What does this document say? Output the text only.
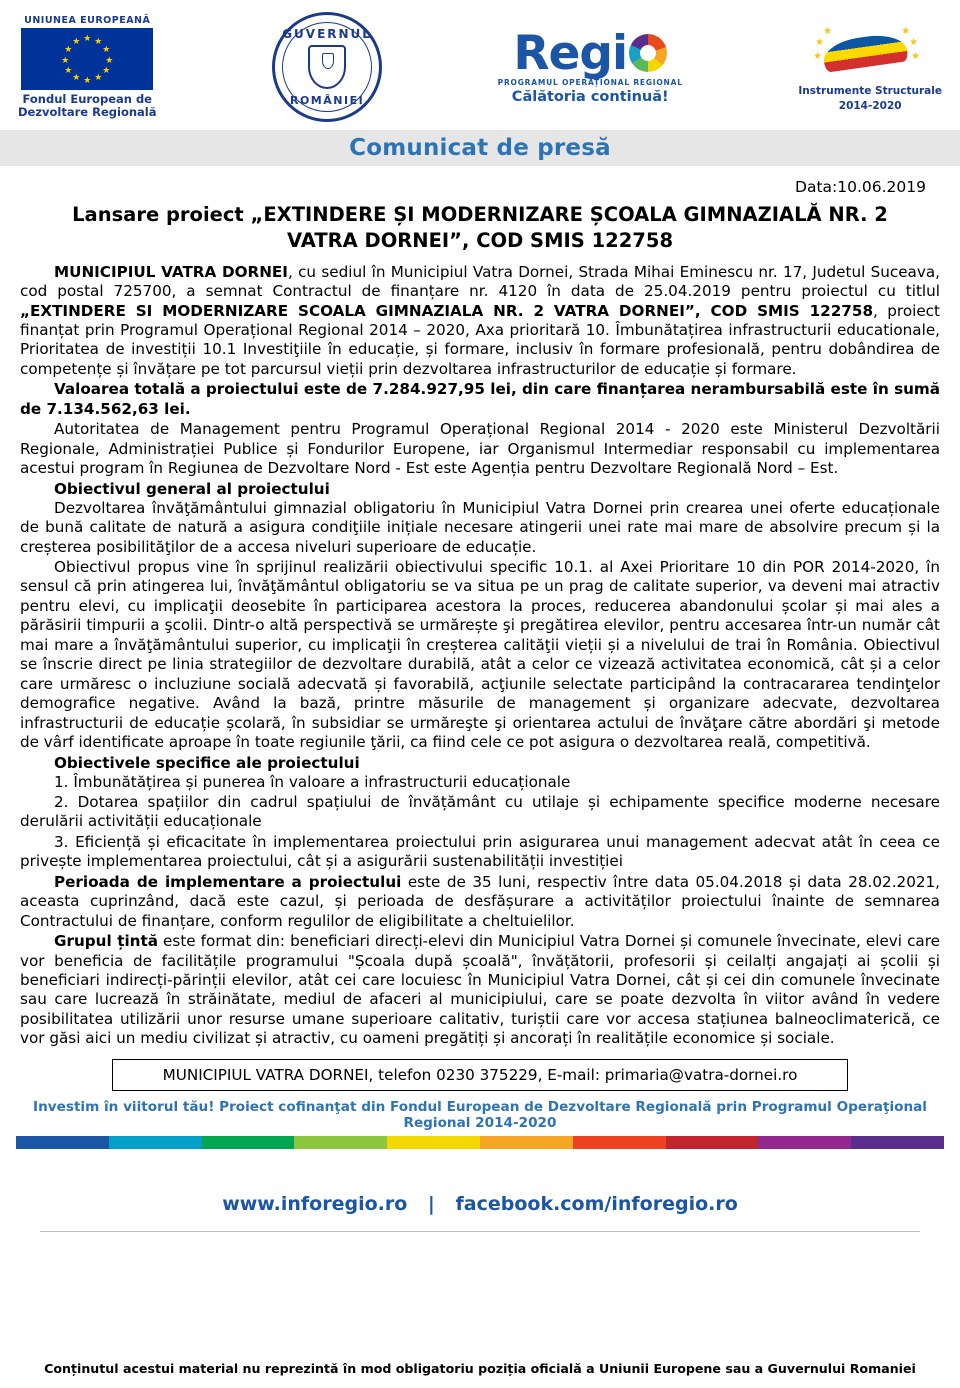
UNIUNEA EUROPEANĂ
★ ★
★
★
★
★
★
★
★
★
★
★
Fondul European de
Dezvoltare Regională
GUVERNUL
ROMÂNIEI
Regi
PROGRAMUL OPERAȚIONAL REGIONAL
Călătoria continuă!
★
★
★
★
★
★
Instrumente Structurale
2014-2020
Comunicat de presă
Data:10.06.2019
Lansare proiect „EXTINDERE ȘI MODERNIZARE ȘCOALA GIMNAZIALĂ NR. 2
VATRA DORNEI”, COD SMIS 122758

MUNICIPIUL VATRA DORNEI, cu sediul în Municipiul Vatra Dornei, Strada Mihai Eminescu nr. 17, Judetul Suceava, cod postal 725700, a semnat Contractul de finanțare nr. 4120 în data de 25.04.2019 pentru proiectul cu titlul „EXTINDERE SI MODERNIZARE SCOALA GIMNAZIALA NR. 2 VATRA DORNEI”, COD SMIS 122758, proiect finanțat prin Programul Operațional Regional 2014 – 2020, Axa prioritară 10. Îmbunătațirea infrastructurii educationale, Prioritatea de investiții 10.1 Investiţiile în educație, și formare, inclusiv în formare profesională, pentru dobândirea de competențe și învățare pe tot parcursul vieții prin dezvoltarea infrastructurilor de educație și formare.

Valoarea totală a proiectului este de 7.284.927,95 lei, din care finanțarea nerambursabilă este în sumă de 7.134.562,63 lei.

Autoritatea de Management pentru Programul Operațional Regional 2014 - 2020 este Ministerul Dezvoltării Regionale, Administrației Publice și Fondurilor Europene, iar Organismul Intermediar responsabil cu implementarea acestui program în Regiunea de Dezvoltare Nord - Est este Agenția pentru Dezvoltare Regională Nord – Est.

Obiectivul general al proiectului

Dezvoltarea învăţământului gimnazial obligatoriu în Municipiul Vatra Dornei prin crearea unei oferte educaționale de bună calitate de natură a asigura condiţiile inițiale necesare atingerii unei rate mai mare de absolvire precum și la creșterea posibilităţilor de a accesa niveluri superioare de educație.

Obiectivul propus vine în sprijinul realizării obiectivului specific 10.1. al Axei Prioritare 10 din POR 2014-2020, în sensul că prin atingerea lui, învăţământul obligatoriu se va situa pe un prag de calitate superior, va deveni mai atractiv pentru elevi, cu implicaţii deosebite în participarea acestora la proces, reducerea abandonului școlar și mai ales a părăsirii timpurii a şcolii. Dintr-o altă perspectivă se urmărește şi pregătirea elevilor, pentru accesarea într-un număr cât mai mare a învăţământului superior, cu implicaţii în creșterea calităţii vieții și a nivelului de trai în România. Obiectivul se înscrie direct pe linia strategiilor de dezvoltare durabilă, atât a celor ce vizează activitatea economică, cât și a celor care urmăresc o incluziune socială adecvată și favorabilă, acţiunile selectate participând la contracararea tendinţelor demografice negative. Având la bază, printre măsurile de management și organizare adecvate, dezvoltarea infrastructurii de educație școlară, în subsidiar se urmăreşte şi orientarea actului de învăţare către abordări şi metode de vârf identificate aproape în toate regiunile ţării, ca fiind cele ce pot asigura o dezvoltarea reală, competitivă.

Obiectivele specifice ale proiectului

1. Îmbunătățirea și punerea în valoare a infrastructurii educaționale

2. Dotarea spațiilor din cadrul spațiului de învățământ cu utilaje și echipamente specifice moderne necesare derulării activității educaționale

3. Eficiență și eficacitate în implementarea proiectului prin asigurarea unui management adecvat atât în ceea ce privește implementarea proiectului, cât și a asigurării sustenabilității investiției

Perioada de implementare a proiectului este de 35 luni, respectiv între data 05.04.2018 și data 28.02.2021, aceasta cuprinzând, dacă este cazul, și perioada de desfășurare a activităților proiectului înainte de semnarea Contractului de finanțare, conform regulilor de eligibilitate a cheltuielilor.

Grupul țintă este format din: beneficiari direcți-elevi din Municipiul Vatra Dornei și comunele învecinate, elevi care vor beneficia de facilitățile programului "Școala după școală", învățătorii, profesorii și ceilalți angajați ai școlii și beneficiari indirecți-părinții elevilor, atât cei care locuiesc în Municipiul Vatra Dornei, cât și cei din comunele învecinate sau care lucrează în străinătate, mediul de afaceri al municipiului, care se poate dezvolta în viitor având în vedere posibilitatea utilizării unor resurse umane superioare calitativ, turiștii care vor accesa stațiunea balneoclimaterică, ce vor găsi aici un mediu civilizat și atractiv, cu oameni pregătiți și ancorați în realitățile economice și sociale.

MUNICIPIUL VATRA DORNEI, telefon 0230 375229, E-mail: primaria@vatra-dornei.ro
Investim în viitorul tău! Proiect cofinanţat din Fondul European de Dezvoltare Regională prin Programul Operaţional Regional 2014-2020
www.inforegio.ro | facebook.com/inforegio.ro
Conținutul acestui material nu reprezintă în mod obligatoriu poziția oficială a Uniunii Europene sau a Guvernului Romaniei
